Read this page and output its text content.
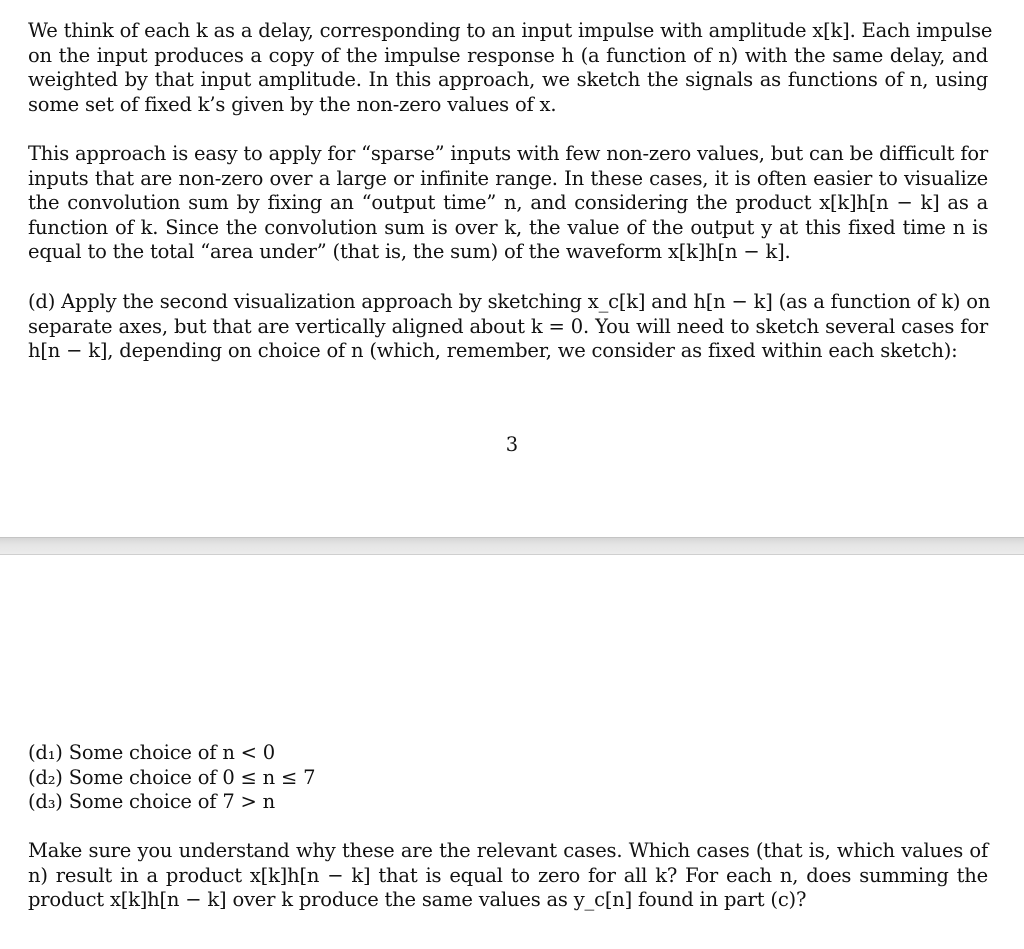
We think of each k as a delay, corresponding to an input impulse with amplitude x[k]. Each impulse
on the input produces a copy of the impulse response h (a function of n) with the same delay, and
weighted by that input amplitude. In this approach, we sketch the signals as functions of n, using
some set of fixed k’s given by the non-zero values of x.

This approach is easy to apply for “sparse” inputs with few non-zero values, but can be difficult for
inputs that are non-zero over a large or infinite range. In these cases, it is often easier to visualize
the convolution sum by fixing an “output time” n, and considering the product x[k]h[n − k] as a
function of k. Since the convolution sum is over k, the value of the output y at this fixed time n is
equal to the total “area under” (that is, the sum) of the waveform x[k]h[n − k].

(d) Apply the second visualization approach by sketching x_c[k] and h[n − k] (as a function of k) on
separate axes, but that are vertically aligned about k = 0. You will need to sketch several cases for
h[n − k], depending on choice of n (which, remember, we consider as fixed within each sketch):

3
(d₁) Some choice of n < 0
(d₂) Some choice of 0 ≤ n ≤ 7
(d₃) Some choice of 7 > n

Make sure you understand why these are the relevant cases. Which cases (that is, which values of
n) result in a product x[k]h[n − k] that is equal to zero for all k? For each n, does summing the
product x[k]h[n − k] over k produce the same values as y_c[n] found in part (c)?
